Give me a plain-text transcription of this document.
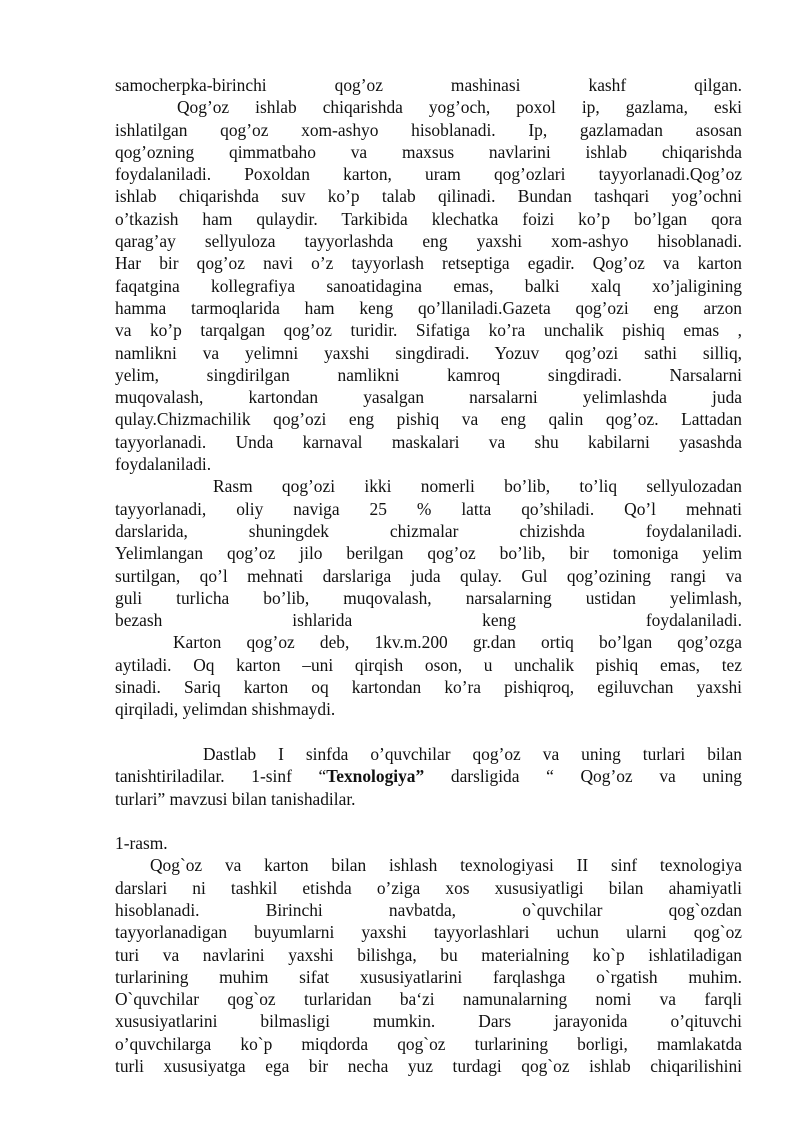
samocherpka-birinchi qog’oz mashinasi kashf qilgan.
Qog’oz ishlab chiqarishda yog’och, poxol ip, gazlama, eski
ishlatilgan qog’oz xom-ashyo hisoblanadi. Ip, gazlamadan asosan
qog’ozning qimmatbaho va maxsus navlarini ishlab chiqarishda
foydalaniladi. Poxoldan karton, uram qog’ozlari tayyorlanadi.Qog’oz
ishlab chiqarishda suv ko’p talab qilinadi. Bundan tashqari yog’ochni
o’tkazish ham qulaydir. Tarkibida klechatka foizi ko’p bo’lgan qora
qarag’ay sellyuloza tayyorlashda eng yaxshi xom-ashyo hisoblanadi.
Har bir qog’oz navi o’z tayyorlash retseptiga egadir. Qog’oz va karton
faqatgina kollegrafiya sanoatidagina emas, balki xalq xo’jaligining
hamma tarmoqlarida ham keng qo’llaniladi.Gazeta qog’ozi eng arzon
va ko’p tarqalgan qog’oz turidir. Sifatiga ko’ra unchalik pishiq emas ,
namlikni va yelimni yaxshi singdiradi. Yozuv qog’ozi sathi silliq,
yelim, singdirilgan namlikni kamroq singdiradi. Narsalarni
muqovalash, kartondan yasalgan narsalarni yelimlashda juda
qulay.Chizmachilik qog’ozi eng pishiq va eng qalin qog’oz. Lattadan
tayyorlanadi. Unda karnaval maskalari va shu kabilarni yasashda
foydalaniladi.
Rasm qog’ozi ikki nomerli bo’lib, to’liq sellyulozadan
tayyorlanadi, oliy naviga 25 % latta qo’shiladi. Qo’l mehnati
darslarida, shuningdek chizmalar chizishda foydalaniladi.
Yelimlangan qog’oz jilo berilgan qog’oz bo’lib, bir tomoniga yelim
surtilgan, qo’l mehnati darslariga juda qulay. Gul qog’ozining rangi va
guli turlicha bo’lib, muqovalash, narsalarning ustidan yelimlash,
bezash ishlarida keng foydalaniladi.
Karton qog’oz deb, 1kv.m.200 gr.dan ortiq bo’lgan qog’ozga
aytiladi. Oq karton –uni qirqish oson, u unchalik pishiq emas, tez
sinadi. Sariq karton oq kartondan ko’ra pishiqroq, egiluvchan yaxshi
qirqiladi, yelimdan shishmaydi.
Dastlab I sinfda o’quvchilar qog’oz va uning turlari bilan
tanishtiriladilar. 1-sinf “Texnologiya” darsligida “ Qog’oz va uning
turlari” mavzusi bilan tanishadilar.
1-rasm.
Qog`oz va karton bilan ishlash texnologiyasi II sinf texnologiya
darslari ni tashkil etishda o’ziga xos xususiyatligi bilan ahamiyatli
hisoblanadi. Birinchi navbatda, o`quvchilar qog`ozdan
tayyorlanadigan buyumlarni yaxshi tayyorlashlari uchun ularni qog`oz
turi va navlarini yaxshi bilishga, bu materialning ko`p ishlatiladigan
turlarining muhim sifat xususiyatlarini farqlashga o`rgatish muhim.
O`quvchilar qog`oz turlaridan ba‘zi namunalarning nomi va farqli
xususiyatlarini bilmasligi mumkin. Dars jarayonida o’qituvchi
o’quvchilarga ko`p miqdorda qog`oz turlarining borligi, mamlakatda
turli xususiyatga ega bir necha yuz turdagi qog`oz ishlab chiqarilishini
